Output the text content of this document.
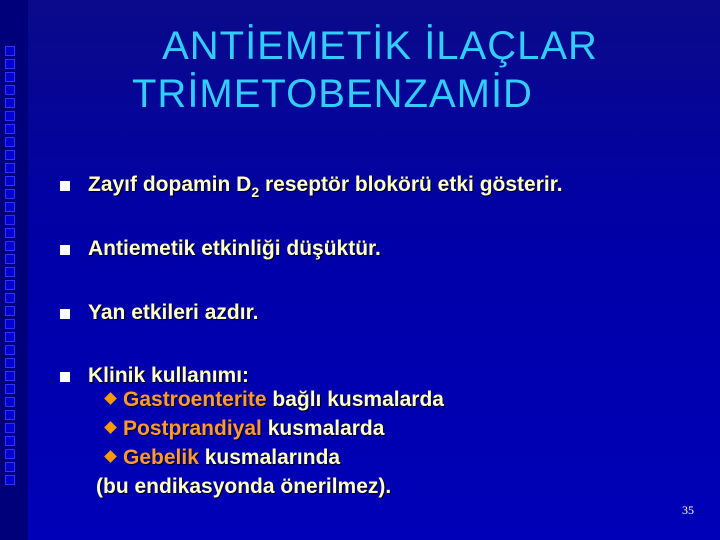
ANTİEMETİK İLAÇLAR
TRİMETOBENZAMİD
Zayıf dopamin $D_2$ reseptör blokörü etki gösterir.
Antiemetik etkinliği düşüktür.
Yan etkileri azdır.
Klinik kullanımı:
Gastroenterite bağlı kusmalarda
Postprandiyal kusmalarda
Gebelik kusmalarında
(bu endikasyonda önerilmez).
35
